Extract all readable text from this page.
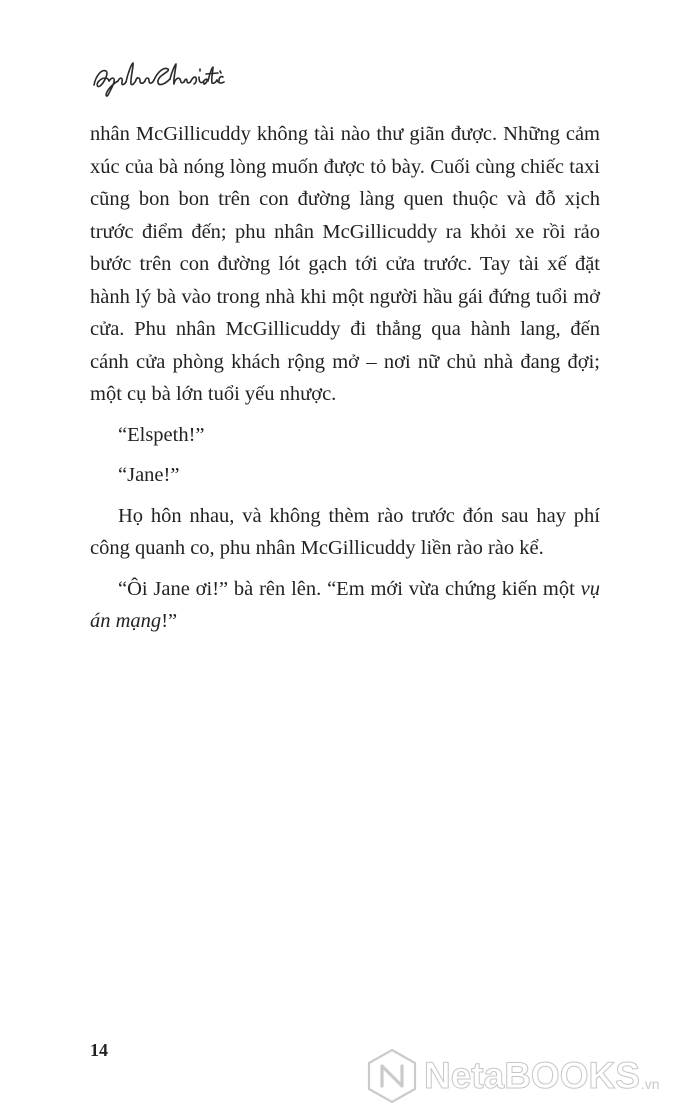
nhân McGillicuddy không tài nào thư giãn được. Những cảm xúc của bà nóng lòng muốn được tỏ bày. Cuối cùng chiếc taxi cũng bon bon trên con đường làng quen thuộc và đỗ xịch trước điểm đến; phu nhân McGillicuddy ra khỏi xe rồi rảo bước trên con đường lót gạch tới cửa trước. Tay tài xế đặt hành lý bà vào trong nhà khi một người hầu gái đứng tuổi mở cửa. Phu nhân McGillicuddy đi thẳng qua hành lang, đến cánh cửa phòng khách rộng mở – nơi nữ chủ nhà đang đợi; một cụ bà lớn tuổi yếu nhược.

“Elspeth!”

“Jane!”

Họ hôn nhau, và không thèm rào trước đón sau hay phí công quanh co, phu nhân McGillicuddy liền rào rào kể.

“Ôi Jane ơi!” bà rên lên. “Em mới vừa chứng kiến một vụ án mạng!”

14
NetaBOOKS .vn
